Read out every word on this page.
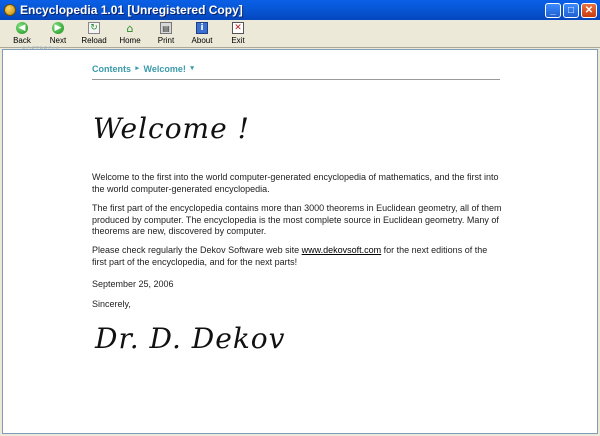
Encyclopedia 1.01 [Unregistered Copy]	_	□	✕
◀
Back
▶
Next
↻
Reload
⌂
Home
▤
Print
i
About
✕
Exit
Contents ▸ Welcome! ▾
Welcome !
Welcome to the first into the world computer-generated encyclopedia of mathematics, and the first into the world computer-generated encyclopedia.
The first part of the encyclopedia contains more than 3000 theorems in Euclidean geometry, all of them produced by computer. The encyclopedia is the most complete source in Euclidean geometry. Many of theorems are new, discovered by computer.
Please check regularly the Dekov Software web site www.dekovsoft.com for the next editions of the first part of the encyclopedia, and for the next parts!
September 25, 2006
Sincerely,
Dr. D. Dekov
